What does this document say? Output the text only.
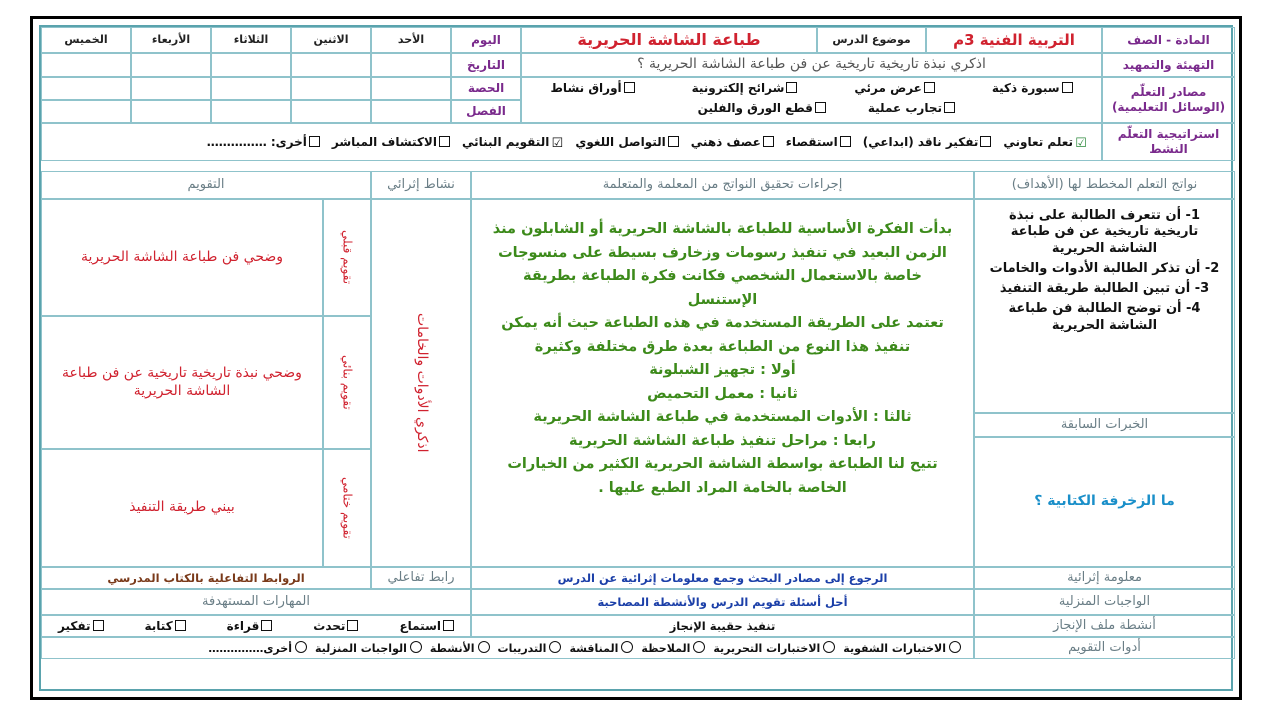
المادة - الصف
التربية الفنية 3م
موضوع الدرس
طباعة الشاشة الحريرية
اليوم
الأحد
الاثنين
الثلاثاء
الأربعاء
الخميس
التهيئة والتمهيد
اذكري نبذة تاريخية تاريخية عن فن طباعة الشاشة الحريرية ؟
التاريخ
مصادر التعلّم (الوسائل التعليمية)
سبورة ذكية
عرض مرئي
شرائح إلكترونية
أوراق نشاط
تجارب عملية
قطع الورق والفلين
الحصة
الفصل
استراتيجية التعلّم النشط
☑تعلم تعاوني
تفكير ناقد (ابداعي)
استقصاء
عصف ذهني
التواصل اللغوي
☑التقويم البنائي
الاكتشاف المباشر
أخرى: ……………
نواتج التعلم المخطط لها (الأهداف)
إجراءات تحقيق النواتج من المعلمة والمتعلمة
نشاط إثرائي
التقويم
1- أن تتعرف الطالبة على نبذة تاريخية تاريخية عن فن طباعة الشاشة الحريرية
2- أن تذكر الطالبة الأدوات والخامات
3- أن تبين الطالبة طريقة التنفيذ
4- أن توضح الطالبة فن طباعة الشاشة الحريرية
الخبرات السابقة
ما الزخرفة الكتابية ؟
بدأت الفكرة الأساسية للطباعة بالشاشة الحريرية أو الشابلون منذ
الزمن البعيد في تنفيذ رسومات وزخارف بسيطة على منسوجات
خاصة بالاستعمال الشخصي فكانت فكرة الطباعة بطريقة
الإستنسل
تعتمد على الطريقة المستخدمة في هذه الطباعة حيث أنه يمكن
تنفيذ هذا النوع من الطباعة بعدة طرق مختلفة وكثيرة
أولا : تجهيز الشبلونة
ثانيا : معمل التحميض
ثالثا : الأدوات المستخدمة في طباعة الشاشة الحريرية
رابعا : مراحل تنفيذ طباعة الشاشة الحريرية
تتيح لنا الطباعة بواسطة الشاشة الحريرية الكثير من الخيارات
الخاصة بالخامة المراد الطبع عليها .
اذكري الأدوات والخامات
تقويم قبلي
وضحي فن طباعة الشاشة الحريرية
تقويم بنائي
وضحي نبذة تاريخية تاريخية عن فن طباعة الشاشة الحريرية
تقويم ختامي
بيني طريقة التنفيذ
معلومة إثرائية
الرجوع إلى مصادر البحث وجمع معلومات إثرائية عن الدرس
رابط تفاعلي
الروابط التفاعلية بالكتاب المدرسي
الواجبات المنزلية
أحل أسئلة تقويم الدرس والأنشطة المصاحبة
المهارات المستهدفة
أنشطة ملف الإنجاز
تنفيذ حقيبة الإنجاز
استماع
تحدث
قراءة
كتابة
تفكير
أدوات التقويم
الاختبارات الشفوية
الاختبارات التحريرية
الملاحظة
المناقشة
التدريبات
الأنشطة
الواجبات المنزلية
أخرى……………
